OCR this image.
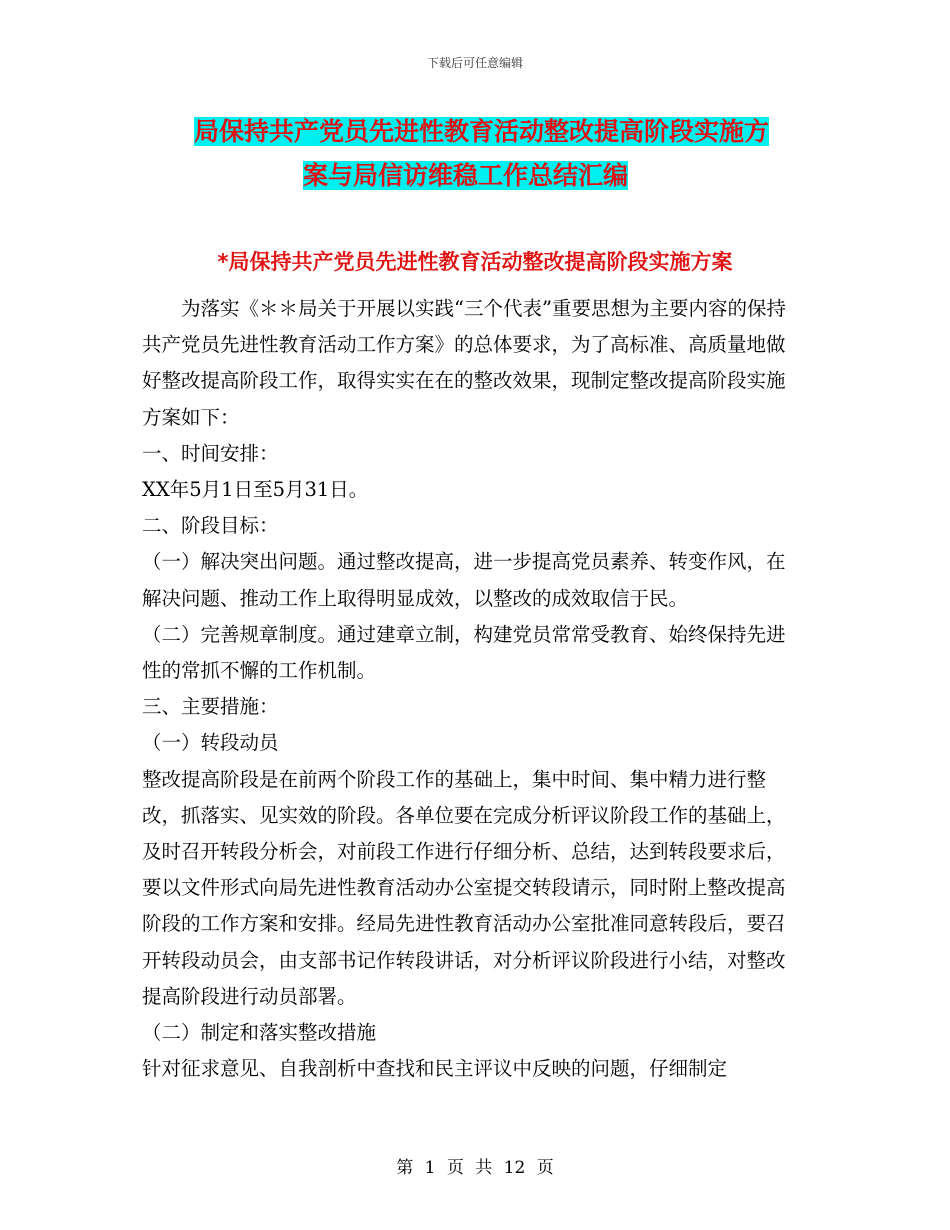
下载后可任意编辑
局保持共产党员先进性教育活动整改提高阶段实施方
案与局信访维稳工作总结汇编
*局保持共产党员先进性教育活动整改提高阶段实施方案

为落实《＊＊局关于开展以实践“三个代表”重要思想为主要内容的保持共产党员先进性教育活动工作方案》的总体要求，为了高标准、高质量地做好整改提高阶段工作，取得实实在在的整改效果，现制定整改提高阶段实施方案如下：

一、时间安排：

XX年5月1日至5月31日。

二、阶段目标：

（一）解决突出问题。通过整改提高，进一步提高党员素养、转变作风，在解决问题、推动工作上取得明显成效，以整改的成效取信于民。

（二）完善规章制度。通过建章立制，构建党员常常受教育、始终保持先进性的常抓不懈的工作机制。

三、主要措施：

（一）转段动员

整改提高阶段是在前两个阶段工作的基础上，集中时间、集中精力进行整改，抓落实、见实效的阶段。各单位要在完成分析评议阶段工作的基础上，及时召开转段分析会，对前段工作进行仔细分析、总结，达到转段要求后，要以文件形式向局先进性教育活动办公室提交转段请示，同时附上整改提高阶段的工作方案和安排。经局先进性教育活动办公室批准同意转段后，要召开转段动员会，由支部书记作转段讲话，对分析评议阶段进行小结，对整改提高阶段进行动员部署。

（二）制定和落实整改措施

针对征求意见、自我剖析中查找和民主评议中反映的问题，仔细制定

第 1 页 共 12 页
